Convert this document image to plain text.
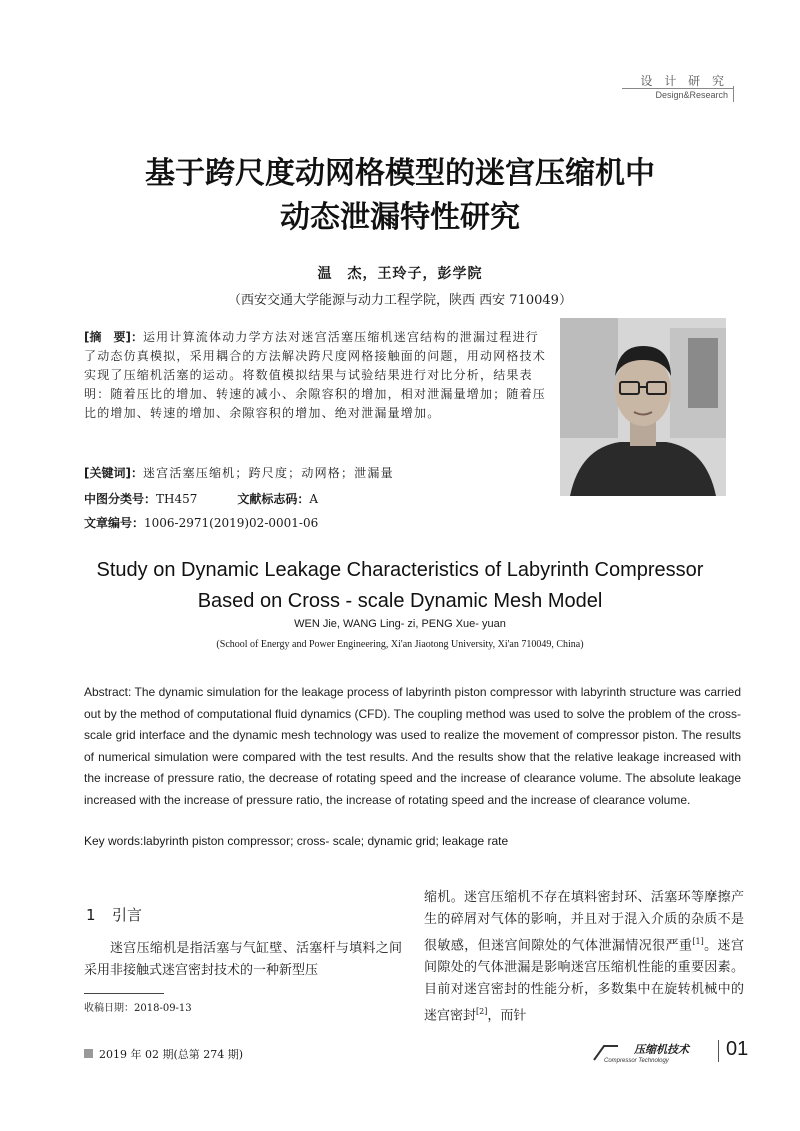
设 计 研 究
Design&Research
基于跨尺度动网格模型的迷宫压缩机中
动态泄漏特性研究
温　杰，王玲子，彭学院
（西安交通大学能源与动力工程学院，陕西 西安 710049）
[摘　要]：运用计算流体动力学方法对迷宫活塞压缩机迷宫结构的泄漏过程进行了动态仿真模拟，采用耦合的方法解决跨尺度网格接触面的问题，用动网格技术实现了压缩机活塞的运动。将数值模拟结果与试验结果进行对比分析，结果表明：随着压比的增加、转速的减小、余隙容积的增加，相对泄漏量增加；随着压比的增加、转速的增加、余隙容积的增加、绝对泄漏量增加。
[关键词]：迷宫活塞压缩机；跨尺度；动网格；泄漏量
中图分类号：TH457	文献标志码：A
文章编号：1006-2971(2019)02-0001-06
Study on Dynamic Leakage Characteristics of Labyrinth Compressor
Based on Cross - scale Dynamic Mesh Model
WEN Jie, WANG Ling- zi, PENG Xue- yuan
(School of Energy and Power Engineering, Xi'an Jiaotong University, Xi'an 710049, China)
Abstract: The dynamic simulation for the leakage process of labyrinth piston compressor with labyrinth structure was carried out by the method of computational fluid dynamics (CFD). The coupling method was used to solve the problem of the cross- scale grid interface and the dynamic mesh technology was used to realize the movement of compressor piston. The results of numerical simulation were compared with the test results. And the results show that the relative leakage increased with the increase of pressure ratio, the decrease of rotating speed and the increase of clearance volume. The absolute leakage increased with the increase of pressure ratio, the increase of rotating speed and the increase of clearance volume.
Key words:labyrinth piston compressor; cross- scale; dynamic grid; leakage rate
1 引言
迷宫压缩机是指活塞与气缸壁、活塞杆与填料之间采用非接触式迷宫密封技术的一种新型压
缩机。迷宫压缩机不存在填料密封环、活塞环等摩擦产生的碎屑对气体的影响，并且对于混入介质的杂质不是很敏感，但迷宫间隙处的气体泄漏情况很严重[1]。迷宫间隙处的气体泄漏是影响迷宫压缩机性能的重要因素。目前对迷宫密封的性能分析，多数集中在旋转机械中的迷宫密封[2]，而针
收稿日期：2018-09-13
2019 年 02 期(总第 274 期)	压缩机技术
Compressor Technology
01
